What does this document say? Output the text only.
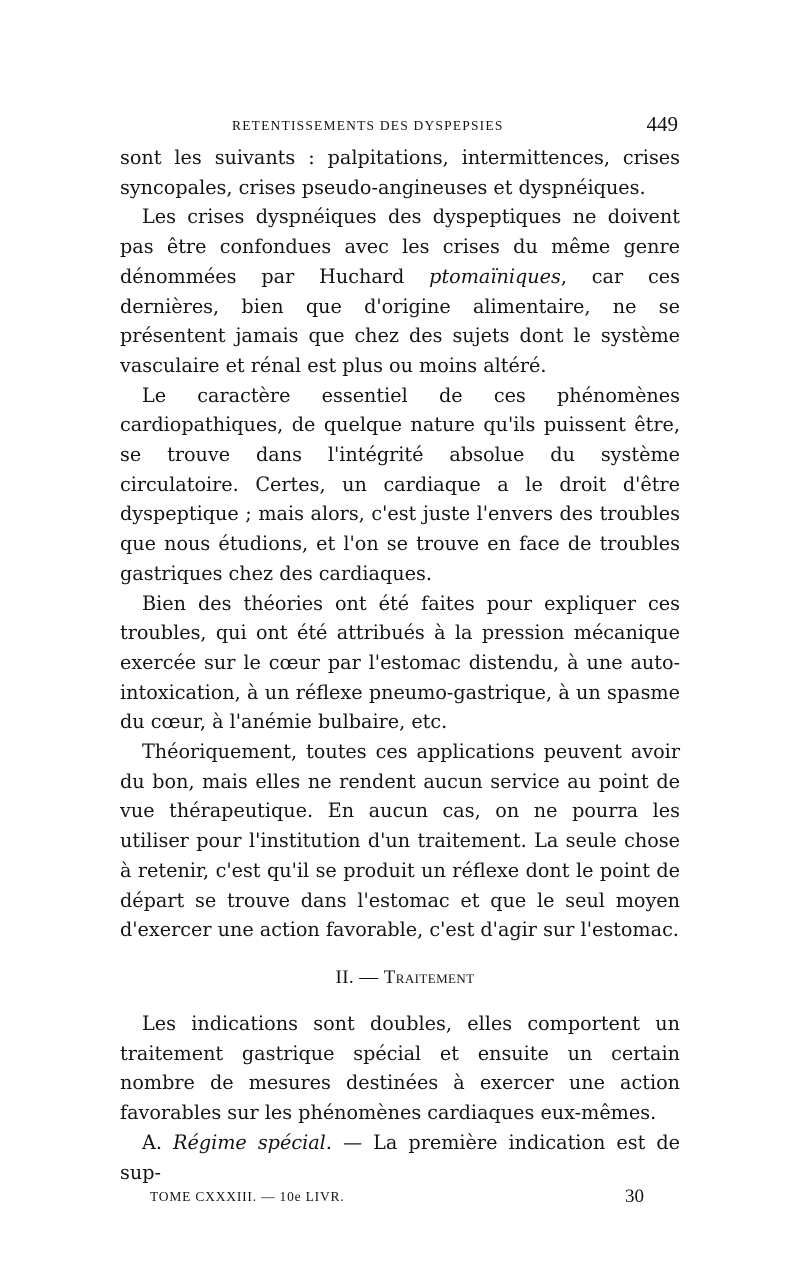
RETENTISSEMENTS DES DYSPEPSIES	449

sont les suivants : palpitations, intermittences, crises syncopales, crises pseudo-angineuses et dyspnéiques.

Les crises dyspnéiques des dyspeptiques ne doivent pas être confondues avec les crises du même genre dénommées par Huchard ptomaïniques, car ces dernières, bien que d'origine alimentaire, ne se présentent jamais que chez des sujets dont le système vasculaire et rénal est plus ou moins altéré.

Le caractère essentiel de ces phénomènes cardiopathiques, de quelque nature qu'ils puissent être, se trouve dans l'intégrité absolue du système circulatoire. Certes, un cardiaque a le droit d'être dyspeptique ; mais alors, c'est juste l'envers des troubles que nous étudions, et l'on se trouve en face de troubles gastriques chez des cardiaques.

Bien des théories ont été faites pour expliquer ces troubles, qui ont été attribués à la pression mécanique exercée sur le cœur par l'estomac distendu, à une auto-intoxication, à un réflexe pneumo-gastrique, à un spasme du cœur, à l'anémie bulbaire, etc.

Théoriquement, toutes ces applications peuvent avoir du bon, mais elles ne rendent aucun service au point de vue thérapeutique. En aucun cas, on ne pourra les utiliser pour l'institution d'un traitement. La seule chose à retenir, c'est qu'il se produit un réflexe dont le point de départ se trouve dans l'estomac et que le seul moyen d'exercer une action favorable, c'est d'agir sur l'estomac.

II. — Traitement

Les indications sont doubles, elles comportent un traitement gastrique spécial et ensuite un certain nombre de mesures destinées à exercer une action favorables sur les phénomènes cardiaques eux-mêmes.

A. Régime spécial. — La première indication est de sup-

TOME CXXXIII. — 10e LIVR.	30
